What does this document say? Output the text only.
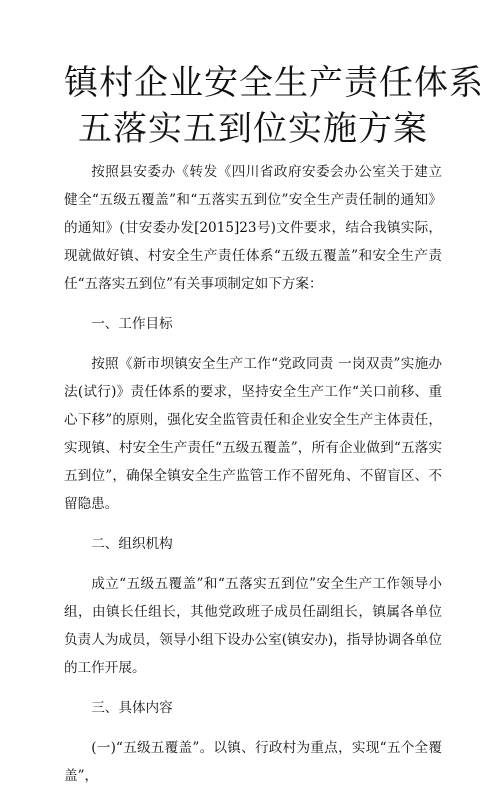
镇村企业安全生产责任体系
五落实五到位实施方案

按照县安委办《转发《四川省政府安委会办公室关于建立健全“五级五覆盖”和“五落实五到位”安全生产责任制的通知》的通知》(甘安委办发[2015]23号)文件要求，结合我镇实际，现就做好镇、村安全生产责任体系“五级五覆盖”和安全生产责任“五落实五到位”有关事项制定如下方案：

一、工作目标

按照《新市坝镇安全生产工作“党政同责 一岗双责”实施办法(试行)》责任体系的要求，坚持安全生产工作“关口前移、重心下移”的原则，强化安全监管责任和企业安全生产主体责任，实现镇、村安全生产责任“五级五覆盖”，所有企业做到“五落实五到位”，确保全镇安全生产监管工作不留死角、不留盲区、不留隐患。

二、组织机构

成立“五级五覆盖”和“五落实五到位”安全生产工作领导小组，由镇长任组长，其他党政班子成员任副组长，镇属各单位负责人为成员，领导小组下设办公室(镇安办)，指导协调各单位的工作开展。

三、具体内容

(一)“五级五覆盖”。以镇、行政村为重点，实现“五个全覆盖”，
